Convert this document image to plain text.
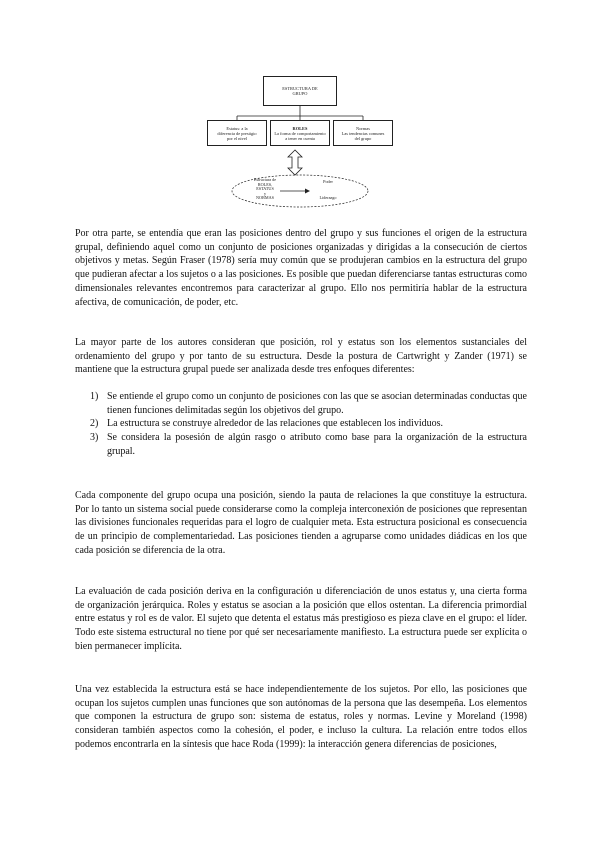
ESTRUCTURA DE
GRUPO
Estatus: a la
diferencia de prestigio
por el nivel
ROLES
La forma de comportamiento
a tener en cuenta
Normas
Las tendencias comunes
del grupo
Estructura de
ROLES,
ESTATUS
y
NORMAS
Poder
Liderazgo

Por otra parte, se entendía que eran las posiciones dentro del grupo y sus funciones el origen de la estructura grupal, definiendo aquel como un conjunto de posiciones organizadas y dirigidas a la consecución de ciertos objetivos y metas. Según Fraser (1978) sería muy común que se produjeran cambios en la estructura del grupo que pudieran afectar a los sujetos o a las posiciones. Es posible que puedan diferenciarse tantas estructuras como dimensionales relevantes encontremos para caracterizar al grupo. Ello nos permitiría hablar de la estructura afectiva, de comunicación, de poder, etc.

La mayor parte de los autores consideran que posición, rol y estatus son los elementos sustanciales del ordenamiento del grupo y por tanto de su estructura. Desde la postura de Cartwright y Zander (1971) se mantiene que la estructura grupal puede ser analizada desde tres enfoques diferentes:

1) Se entiende el grupo como un conjunto de posiciones con las que se asocian determinadas conductas que tienen funciones delimitadas según los objetivos del grupo.
2) La estructura se construye alrededor de las relaciones que establecen los individuos.
3) Se considera la posesión de algún rasgo o atributo como base para la organización de la estructura grupal.

Cada componente del grupo ocupa una posición, siendo la pauta de relaciones la que constituye la estructura. Por lo tanto un sistema social puede considerarse como la compleja interconexión de posiciones que representan las divisiones funcionales requeridas para el logro de cualquier meta. Esta estructura posicional es consecuencia de un principio de complementariedad. Las posiciones tienden a agruparse como unidades diádicas en los que cada posición se diferencia de la otra.

La evaluación de cada posición deriva en la configuración u diferenciación de unos estatus y, una cierta forma de organización jerárquica. Roles y estatus se asocian a la posición que ellos ostentan. La diferencia primordial entre estatus y rol es de valor. El sujeto que detenta el estatus más prestigioso es pieza clave en el grupo: el líder. Todo este sistema estructural no tiene por qué ser necesariamente manifiesto. La estructura puede ser explícita o bien permanecer implícita.

Una vez establecida la estructura está se hace independientemente de los sujetos. Por ello, las posiciones que ocupan los sujetos cumplen unas funciones que son autónomas de la persona que las desempeña. Los elementos que componen la estructura de grupo son: sistema de estatus, roles y normas. Levine y Moreland (1998) consideran también aspectos como la cohesión, el poder, e incluso la cultura. La relación entre todos ellos podemos encontrarla en la síntesis que hace Roda (1999): la interacción genera diferencias de posiciones,
